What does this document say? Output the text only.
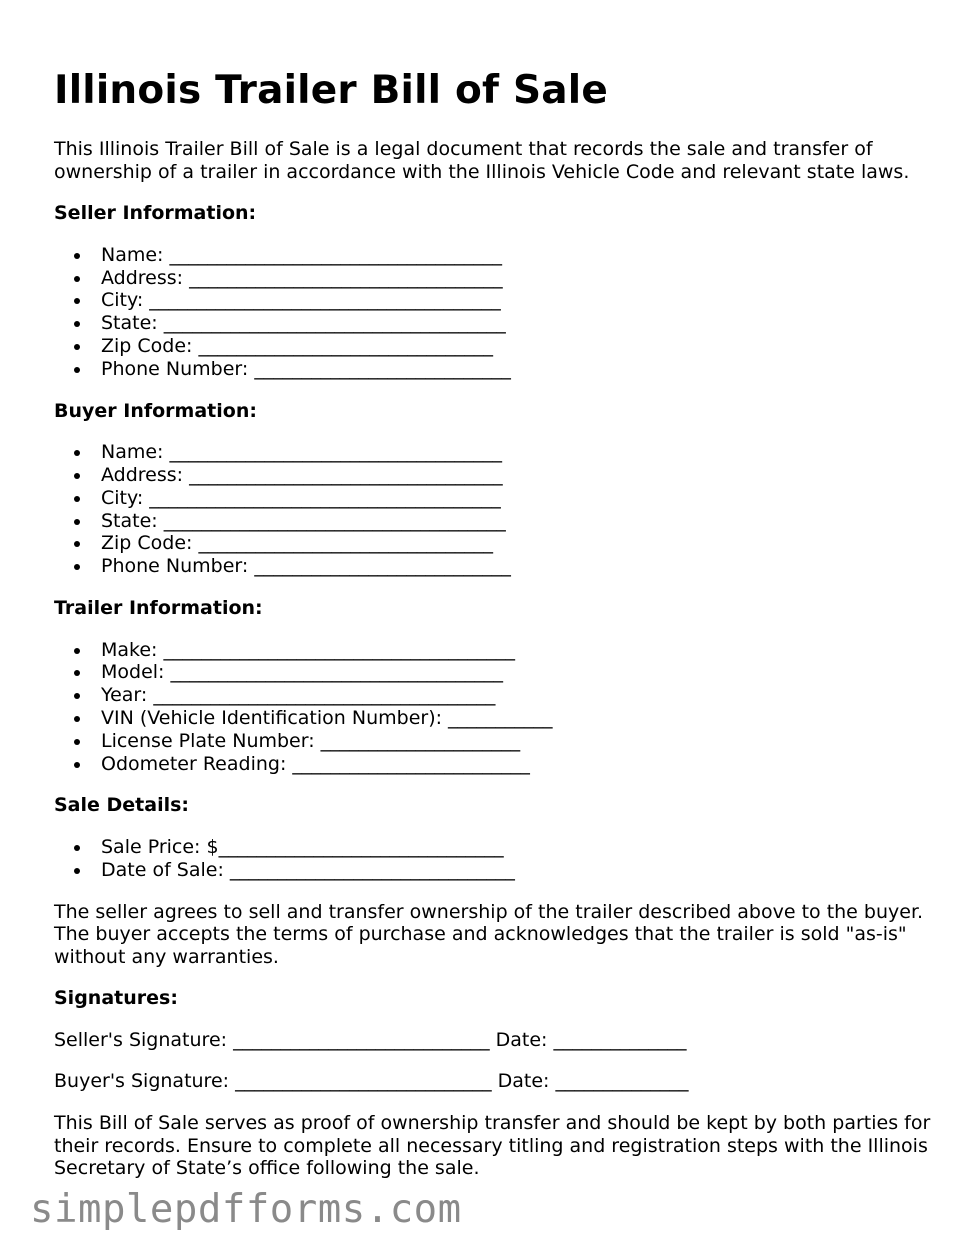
Illinois Trailer Bill of Sale

This Illinois Trailer Bill of Sale is a legal document that records the sale and transfer of ownership of a trailer in accordance with the Illinois Vehicle Code and relevant state laws.

Seller Information:
Name: ___________________________________
Address: _________________________________
City: _____________________________________
State: ____________________________________
Zip Code: _______________________________
Phone Number: ___________________________
Buyer Information:
Name: ___________________________________
Address: _________________________________
City: _____________________________________
State: ____________________________________
Zip Code: _______________________________
Phone Number: ___________________________
Trailer Information:
Make: _____________________________________
Model: ___________________________________
Year: ____________________________________
VIN (Vehicle Identification Number): ___________
License Plate Number: _____________________
Odometer Reading: _________________________
Sale Details:
Sale Price: $______________________________
Date of Sale: ______________________________

The seller agrees to sell and transfer ownership of the trailer described above to the buyer. The buyer accepts the terms of purchase and acknowledges that the trailer is sold "as-is" without any warranties.

Signatures:

Seller's Signature: ___________________________ Date: ______________

Buyer's Signature: ___________________________ Date: ______________

This Bill of Sale serves as proof of ownership transfer and should be kept by both parties for their records. Ensure to complete all necessary titling and registration steps with the Illinois Secretary of State’s office following the sale.

simplepdfforms.com
